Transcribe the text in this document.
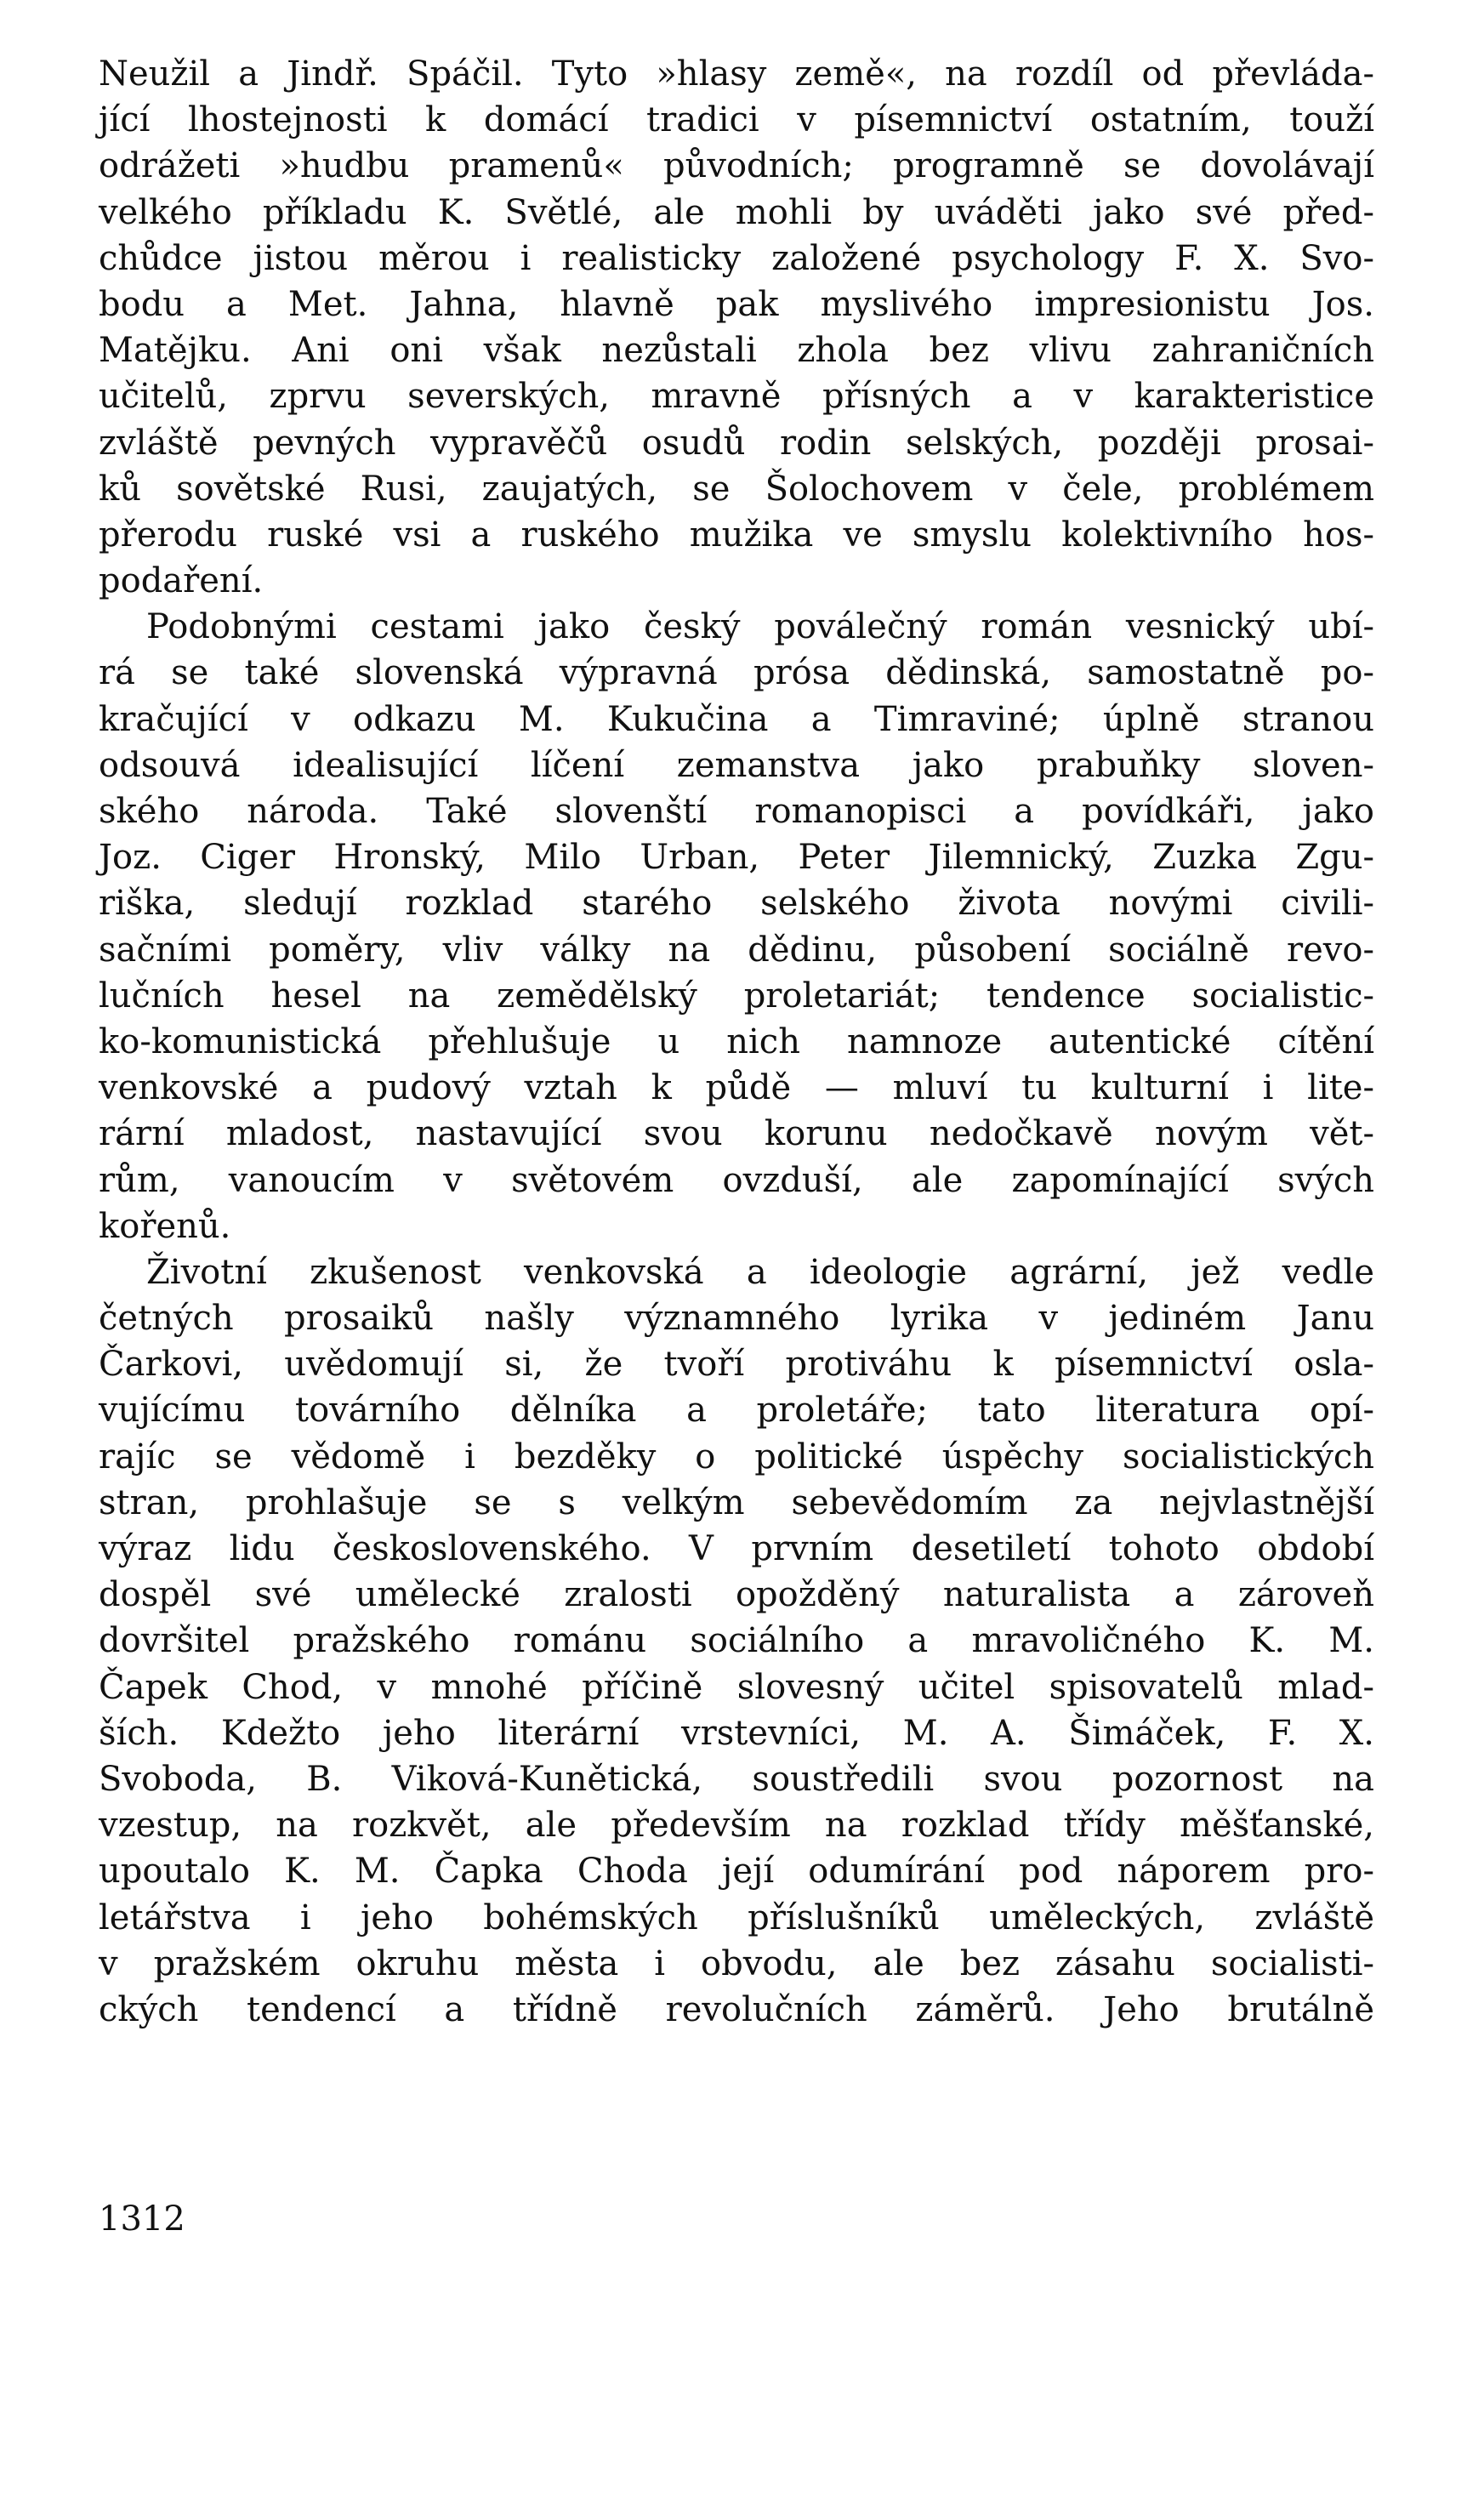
Neužil a Jindř. Spáčil. Tyto »hlasy země«, na rozdíl od převláda-
jící lhostejnosti k domácí tradici v písemnictví ostatním, touží
odrážeti »hudbu pramenů« původních; programně se dovolávají
velkého příkladu K. Světlé, ale mohli by uváděti jako své před-
chůdce jistou měrou i realisticky založené psychology F. X. Svo-
bodu a Met. Jahna, hlavně pak myslivého impresionistu Jos.
Matějku. Ani oni však nezůstali zhola bez vlivu zahraničních
učitelů, zprvu severských, mravně přísných a v karakteristice
zvláště pevných vypravěčů osudů rodin selských, později prosai-
ků sovětské Rusi, zaujatých, se Šolochovem v čele, problémem
přerodu ruské vsi a ruského mužika ve smyslu kolektivního hos-
podaření.
Podobnými cestami jako český poválečný román vesnický ubí-
rá se také slovenská výpravná prósa dědinská, samostatně po-
kračující v odkazu M. Kukučina a Timraviné; úplně stranou
odsouvá idealisující líčení zemanstva jako prabuňky sloven-
ského národa. Také slovenští romanopisci a povídkáři, jako
Joz. Ciger Hronský, Milo Urban, Peter Jilemnický, Zuzka Zgu-
riška, sledují rozklad starého selského života novými civili-
sačními poměry, vliv války na dědinu, působení sociálně revo-
lučních hesel na zemědělský proletariát; tendence socialistic-
ko-komunistická přehlušuje u nich namnoze autentické cítění
venkovské a pudový vztah k půdě — mluví tu kulturní i lite-
rární mladost, nastavující svou korunu nedočkavě novým vět-
rům, vanoucím v světovém ovzduší, ale zapomínající svých
kořenů.
Životní zkušenost venkovská a ideologie agrární, jež vedle
četných prosaiků našly významného lyrika v jediném Janu
Čarkovi, uvědomují si, že tvoří protiváhu k písemnictví osla-
vujícímu továrního dělníka a proletáře; tato literatura opí-
rajíc se vědomě i bezděky o politické úspěchy socialistických
stran, prohlašuje se s velkým sebevědomím za nejvlastnější
výraz lidu československého. V prvním desetiletí tohoto období
dospěl své umělecké zralosti opožděný naturalista a zároveň
dovršitel pražského románu sociálního a mravoličného K. M.
Čapek Chod, v mnohé příčině slovesný učitel spisovatelů mlad-
ších. Kdežto jeho literární vrstevníci, M. A. Šimáček, F. X.
Svoboda, B. Viková-Kunětická, soustředili svou pozornost na
vzestup, na rozkvět, ale především na rozklad třídy měšťanské,
upoutalo K. M. Čapka Choda její odumírání pod náporem pro-
letářstva i jeho bohémských příslušníků uměleckých, zvláště
v pražském okruhu města i obvodu, ale bez zásahu socialisti-
ckých tendencí a třídně revolučních záměrů. Jeho brutálně
1312
